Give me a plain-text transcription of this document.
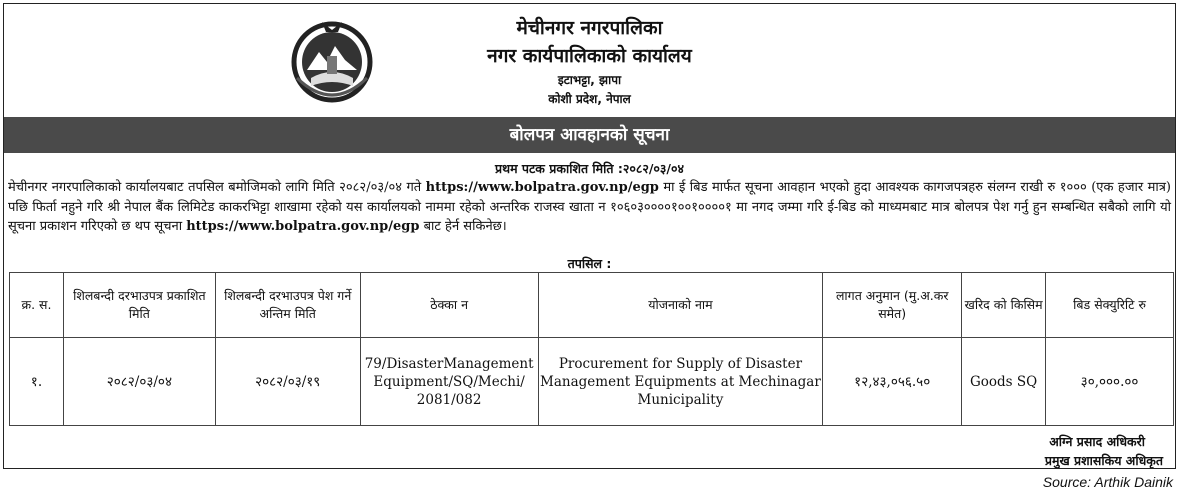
मेचीनगर नगरपालिका
नगर कार्यपालिकाको कार्यालय
इटाभट्टा, झापा
कोशी प्रदेश, नेपाल
बोलपत्र आवहानको सूचना
प्रथम पटक प्रकाशित मिति :२०८२/०३/०४
मेचीनगर नगरपालिकाको कार्यालयबाट तपसिल बमोजिमको लागि मिति २०८२/०३/०४ गते https://www.bolpatra.gov.np/egp मा ई बिड मार्फत सूचना आवहान भएको हुदा आवश्यक कागजपत्रहरु संलग्न राखी रु १००० (एक हजार मात्र) पछि फिर्ता नहुने गरि श्री नेपाल बैंक लिमिटेड काकरभिट्टा शाखामा रहेको यस कार्यालयको नाममा रहेको अन्तरिक राजस्व खाता न १०६०३००००१००१००००१ मा नगद जम्मा गरि ई-बिड को माध्यमबाट मात्र बोलपत्र पेश गर्नु हुन सम्बन्धित सबैको लागि यो सूचना प्रकाशन गरिएको छ थप सूचना https://www.bolpatra.gov.np/egp बाट हेर्न सकिनेछ।
तपसिल :
क्र. स.	शिलबन्दी दरभाउपत्र प्रकाशित मिति	शिलबन्दी दरभाउपत्र पेश गर्ने अन्तिम मिति	ठेक्का न	योजनाको नाम	लागत अनुमान (मु.अ.कर समेत)	खरिद को किसिम	बिड सेक्युरिटि रु
१.	२०८२/०३/०४	२०८२/०३/१९	79/DisasterManagement Equipment/SQ/Mechi/ 2081/082	Procurement for Supply of Disaster Management Equipments at Mechinagar Municipality	१२,४३,०५६.५०	Goods SQ	३०,०००.००
अग्नि प्रसाद अधिकरी
प्रमुख प्रशासकिय अधिकृत
Source: Arthik Dainik
